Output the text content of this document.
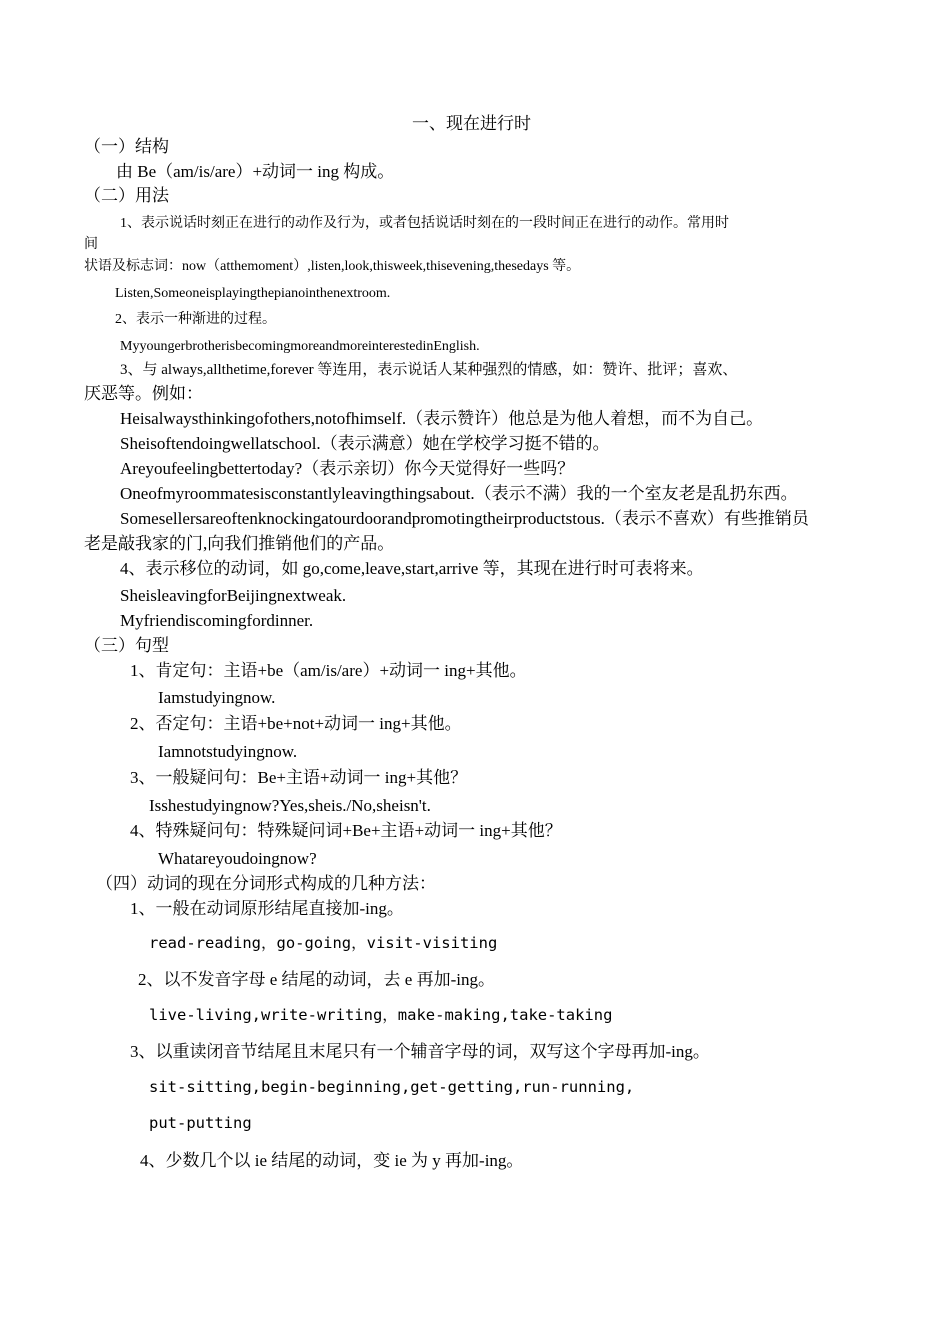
一、现在进行时
（一）结构
由 Be（am/is/are）+动词一 ing 构成。
（二）用法
1、表示说话时刻正在进行的动作及行为，或者包括说话时刻在的一段时间正在进行的动作。常用时
间
状语及标志词：now（atthemoment）,listen,look,thisweek,thisevening,thesedays 等。
Listen,Someoneisplayingthepianointhenextroom.
2、表示一种渐进的过程。
MyyoungerbrotherisbecomingmoreandmoreinterestedinEnglish.
3、与 always,allthetime,forever 等连用，表示说话人某种强烈的情感，如：赞许、批评；喜欢、
厌恶等。例如：
Heisalwaysthinkingofothers,notofhimself.（表示赞许）他总是为他人着想，而不为自己。
Sheisoftendoingwellatschool.（表示满意）她在学校学习挺不错的。
Areyoufeelingbettertoday?（表示亲切）你今天觉得好一些吗？
Oneofmyroommatesisconstantlyleavingthingsabout.（表示不满）我的一个室友老是乱扔东西。
Somesellersareoftenknockingatourdoorandpromotingtheirproductstous.（表示不喜欢）有些推销员
老是敲我家的门,向我们推销他们的产品。
4、表示移位的动词，如 go,come,leave,start,arrive 等，其现在进行时可表将来。
SheisleavingforBeijingnextweak.
Myfriendiscomingfordinner.
（三）句型
1、肯定句：主语+be（am/is/are）+动词一 ing+其他。
Iamstudyingnow.
2、否定句：主语+be+not+动词一 ing+其他。
Iamnotstudyingnow.
3、一般疑问句：Be+主语+动词一 ing+其他？
Isshestudyingnow?Yes,sheis./No,sheisn't.
4、特殊疑问句：特殊疑问词+Be+主语+动词一 ing+其他？
Whatareyoudoingnow?
（四）动词的现在分词形式构成的几种方法：
1、一般在动词原形结尾直接加-ing。
read-reading，go-going，visit-visiting
2、以不发音字母 e 结尾的动词，去 e 再加-ing。
live-living,write-writing，make-making,take-taking
3、以重读闭音节结尾且末尾只有一个辅音字母的词，双写这个字母再加-ing。
sit-sitting,begin-beginning,get-getting,run-running,
put-putting
4、少数几个以 ie 结尾的动词，变 ie 为 y 再加-ing。
